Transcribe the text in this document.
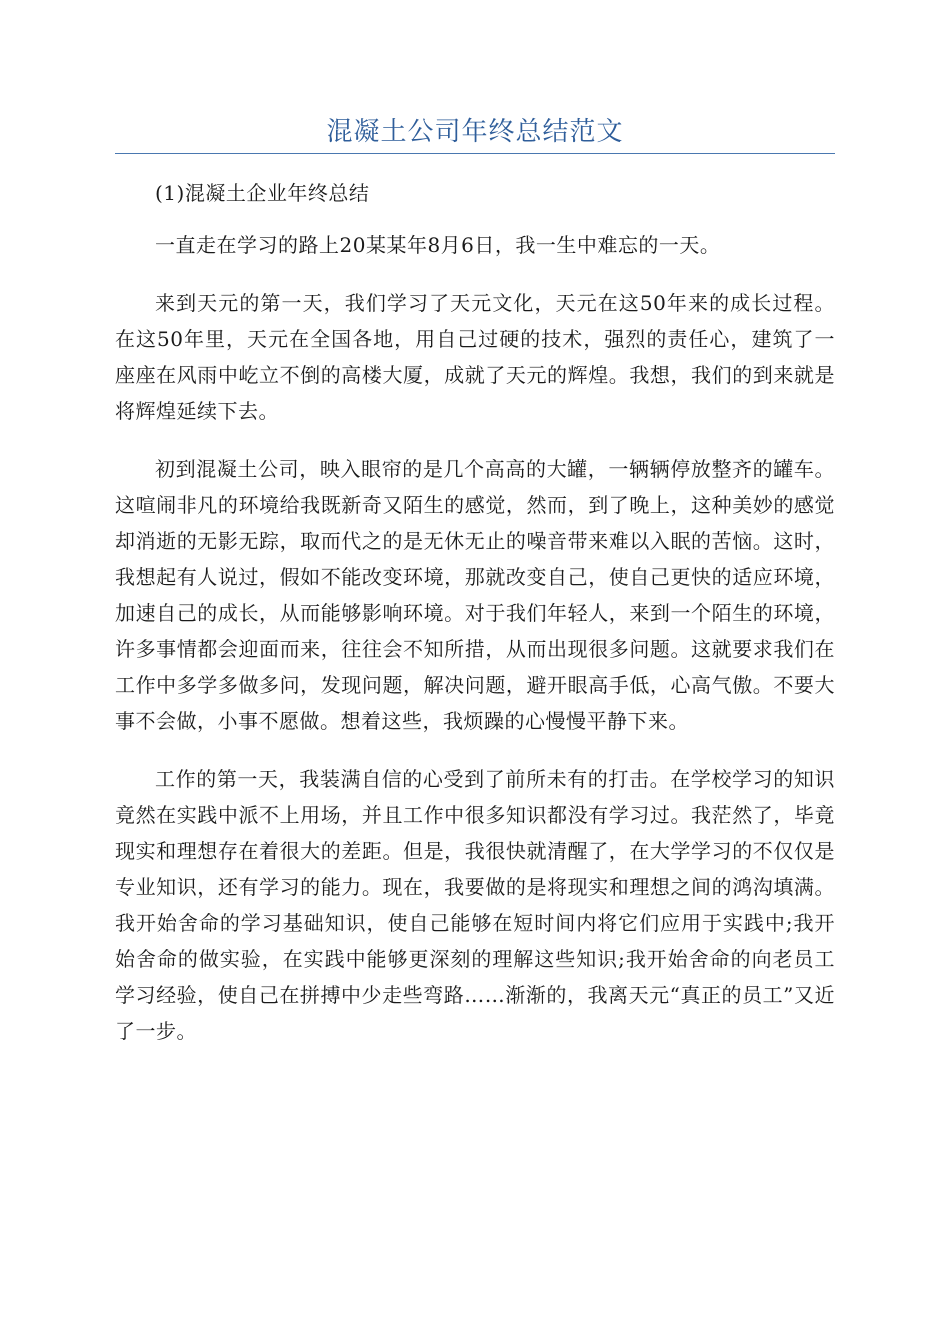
混凝土公司年终总结范文

(1)混凝土企业年终总结

一直走在学习的路上20某某年8月6日，我一生中难忘的一天。

来到天元的第一天，我们学习了天元文化，天元在这50年来的成长过程。在这50年里，天元在全国各地，用自己过硬的技术，强烈的责任心，建筑了一座座在风雨中屹立不倒的高楼大厦，成就了天元的辉煌。我想，我们的到来就是将辉煌延续下去。

初到混凝土公司，映入眼帘的是几个高高的大罐，一辆辆停放整齐的罐车。这喧闹非凡的环境给我既新奇又陌生的感觉，然而，到了晚上，这种美妙的感觉却消逝的无影无踪，取而代之的是无休无止的噪音带来难以入眠的苦恼。这时，我想起有人说过，假如不能改变环境，那就改变自己，使自己更快的适应环境，加速自己的成长，从而能够影响环境。对于我们年轻人，来到一个陌生的环境，许多事情都会迎面而来，往往会不知所措，从而出现很多问题。这就要求我们在工作中多学多做多问，发现问题，解决问题，避开眼高手低，心高气傲。不要大事不会做，小事不愿做。想着这些，我烦躁的心慢慢平静下来。

工作的第一天，我装满自信的心受到了前所未有的打击。在学校学习的知识竟然在实践中派不上用场，并且工作中很多知识都没有学习过。我茫然了，毕竟现实和理想存在着很大的差距。但是，我很快就清醒了，在大学学习的不仅仅是专业知识，还有学习的能力。现在，我要做的是将现实和理想之间的鸿沟填满。我开始舍命的学习基础知识，使自己能够在短时间内将它们应用于实践中;我开始舍命的做实验，在实践中能够更深刻的理解这些知识;我开始舍命的向老员工学习经验，使自己在拼搏中少走些弯路……渐渐的，我离天元“真正的员工”又近了一步。
